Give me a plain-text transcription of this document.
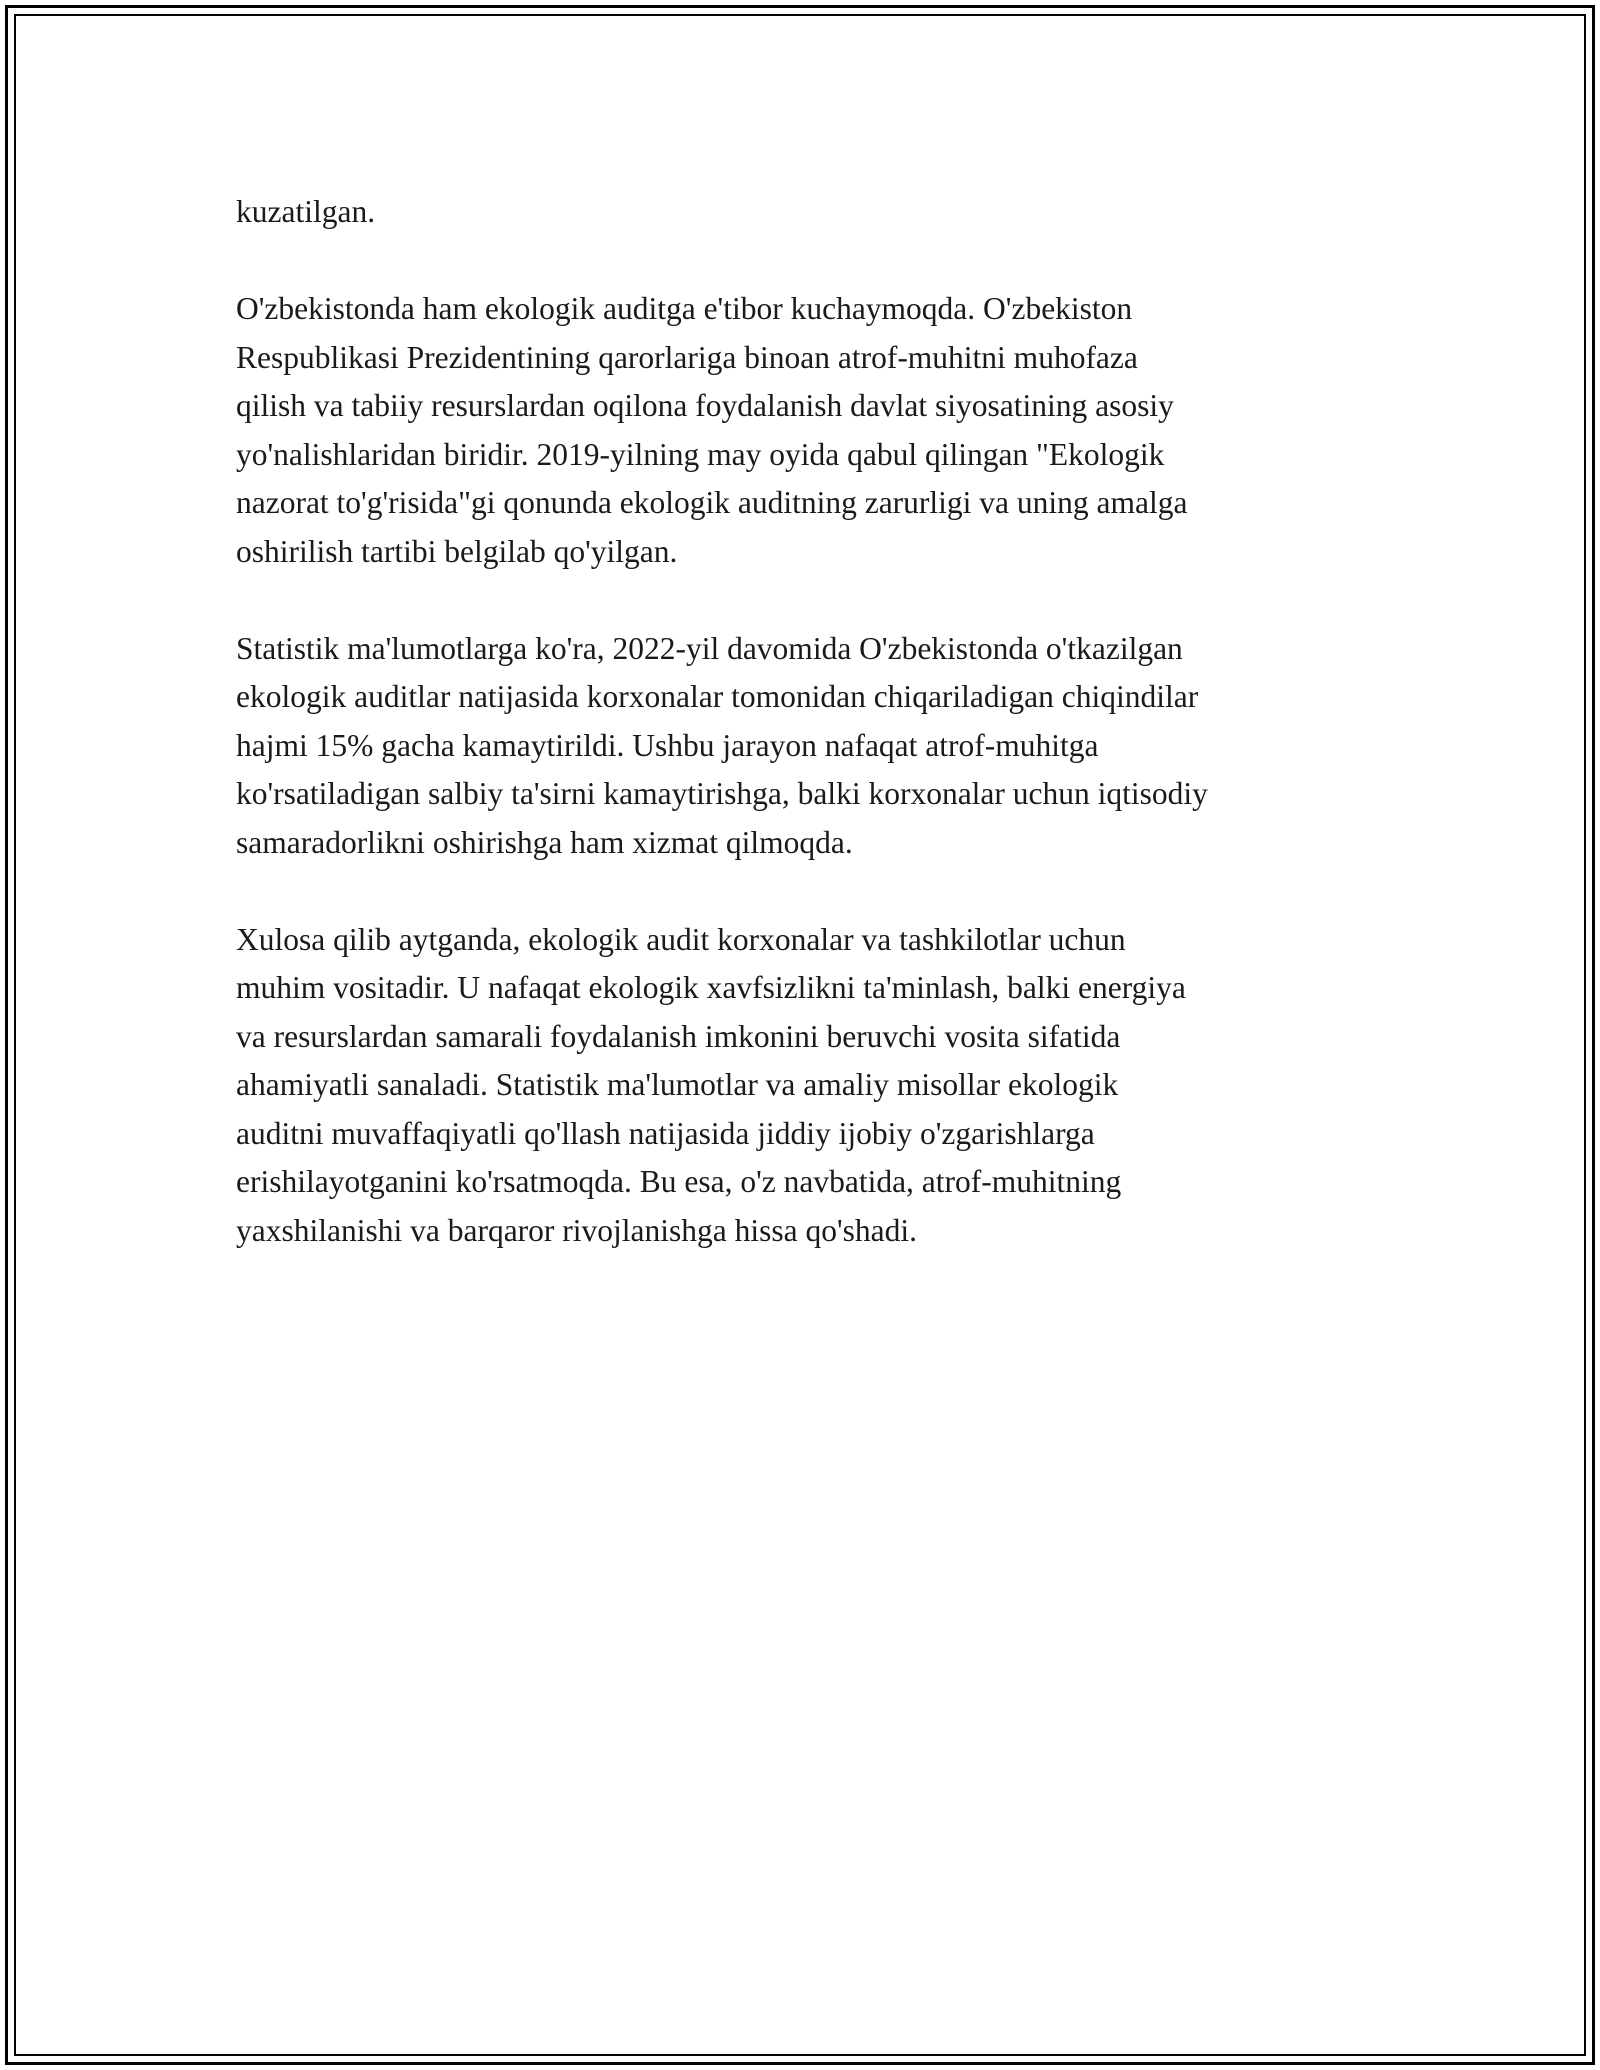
kuzatilgan.

O'zbekistonda ham ekologik auditga e'tibor kuchaymoqda. O'zbekiston
Respublikasi Prezidentining qarorlariga binoan atrof-muhitni muhofaza
qilish va tabiiy resurslardan oqilona foydalanish davlat siyosatining asosiy
yo'nalishlaridan biridir. 2019-yilning may oyida qabul qilingan "Ekologik
nazorat to'g'risida"gi qonunda ekologik auditning zarurligi va uning amalga
oshirilish tartibi belgilab qo'yilgan.

Statistik ma'lumotlarga ko'ra, 2022-yil davomida O'zbekistonda o'tkazilgan
ekologik auditlar natijasida korxonalar tomonidan chiqariladigan chiqindilar
hajmi 15% gacha kamaytirildi. Ushbu jarayon nafaqat atrof-muhitga
ko'rsatiladigan salbiy ta'sirni kamaytirishga, balki korxonalar uchun iqtisodiy
samaradorlikni oshirishga ham xizmat qilmoqda.

Xulosa qilib aytganda, ekologik audit korxonalar va tashkilotlar uchun
muhim vositadir. U nafaqat ekologik xavfsizlikni ta'minlash, balki energiya
va resurslardan samarali foydalanish imkonini beruvchi vosita sifatida
ahamiyatli sanaladi. Statistik ma'lumotlar va amaliy misollar ekologik
auditni muvaffaqiyatli qo'llash natijasida jiddiy ijobiy o'zgarishlarga
erishilayotganini ko'rsatmoqda. Bu esa, o'z navbatida, atrof-muhitning
yaxshilanishi va barqaror rivojlanishga hissa qo'shadi.
